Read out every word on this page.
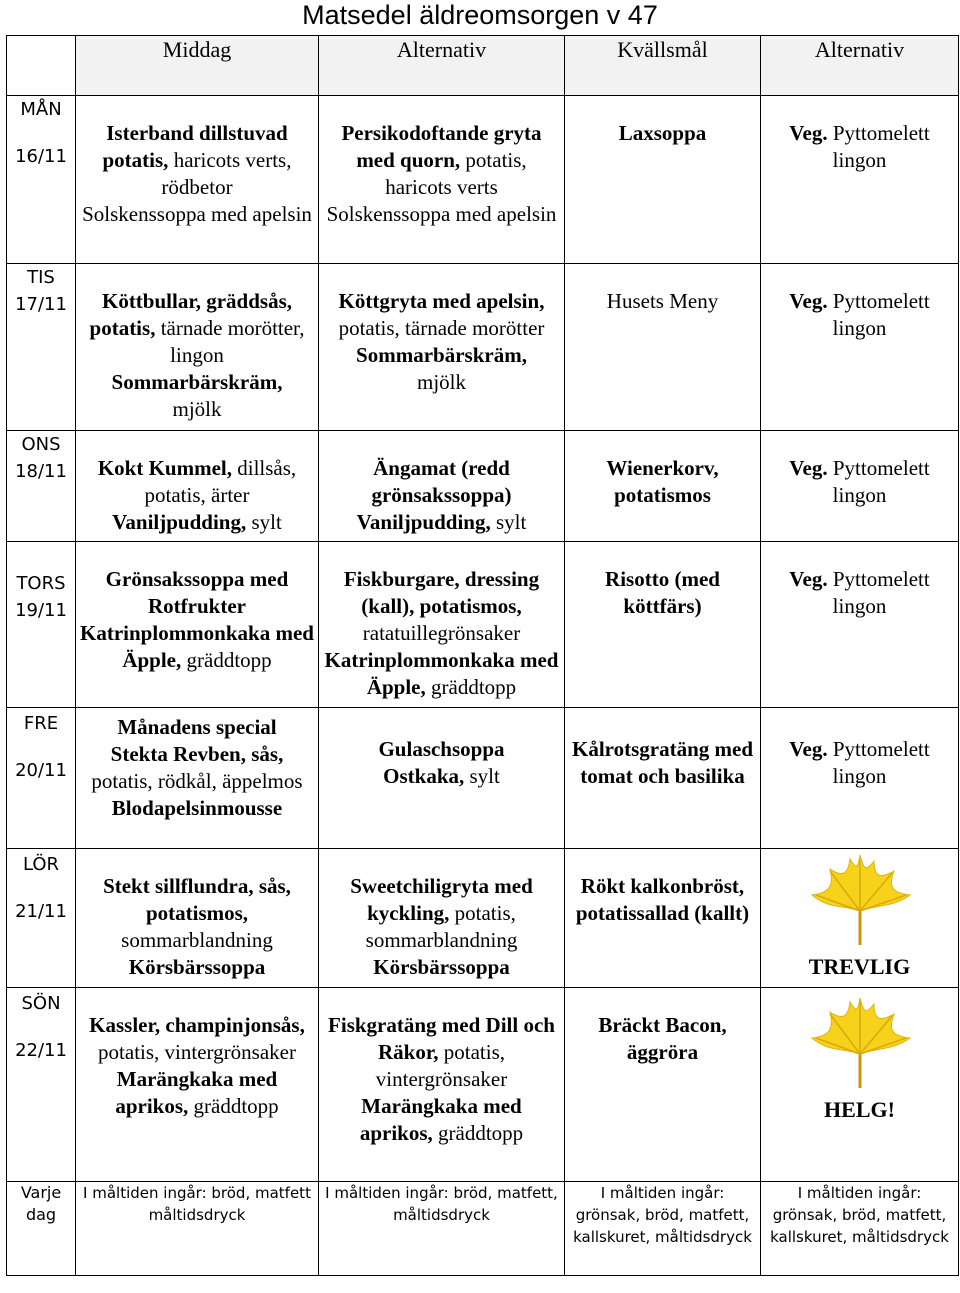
Matsedel äldreomsorgen v 47
	Middag	Alternativ	Kvällsmål	Alternativ

MÅN
16/11	Isterband dillstuvad
potatis, haricots verts, rödbetor
Solskenssoppa med apelsin	Persikodoftande gryta med quorn, potatis, haricots verts
Solskenssoppa med apelsin	Laxsoppa	Veg. Pyttomelett
lingon

TIS
17/11	Köttbullar, gräddsås, potatis, tärnade morötter, lingon
Sommarbärskräm,
mjölk	Köttgryta med apelsin, potatis, tärnade morötter
Sommarbärskräm,
mjölk	Husets Meny	Veg. Pyttomelett
lingon

ONS
18/11	Kokt Kummel, dillsås,
potatis, ärter
Vaniljpudding, sylt	Ängamat (redd grönsakssoppa)
Vaniljpudding, sylt	Wienerkorv, potatismos	Veg. Pyttomelett
lingon

TORS
19/11	Grönsakssoppa med Rotfrukter
Katrinplommonkaka med Äpple, gräddtopp	Fiskburgare, dressing (kall), potatismos,
ratatuillegrönsaker
Katrinplommonkaka med Äpple, gräddtopp	Risotto (med köttfärs)	Veg. Pyttomelett
lingon

FRE
20/11	Månadens special
Stekta Revben, sås,
potatis, rödkål, äppelmos
Blodapelsinmousse	Gulaschsoppa
Ostkaka, sylt	Kålrotsgratäng med tomat och basilika	Veg. Pyttomelett
lingon

LÖR
21/11	Stekt sillflundra, sås, potatismos, sommarblandning
Körsbärssoppa	Sweetchiligryta med kyckling, potatis, sommarblandning
Körsbärssoppa	Rökt kalkonbröst, potatissallad (kallt)	TREVLIG

SÖN
22/11	Kassler, champinjonsås,
potatis, vintergrönsaker
Marängkaka med aprikos, gräddtopp	Fiskgratäng med Dill och Räkor, potatis, vintergrönsaker
Marängkaka med aprikos, gräddtopp	Bräckt Bacon, äggröra	HELG!

Varje
dag	I måltiden ingår: bröd, matfett måltidsdryck	I måltiden ingår: bröd, matfett, måltidsdryck	I måltiden ingår: grönsak, bröd, matfett, kallskuret, måltidsdryck	I måltiden ingår: grönsak, bröd, matfett, kallskuret, måltidsdryck
